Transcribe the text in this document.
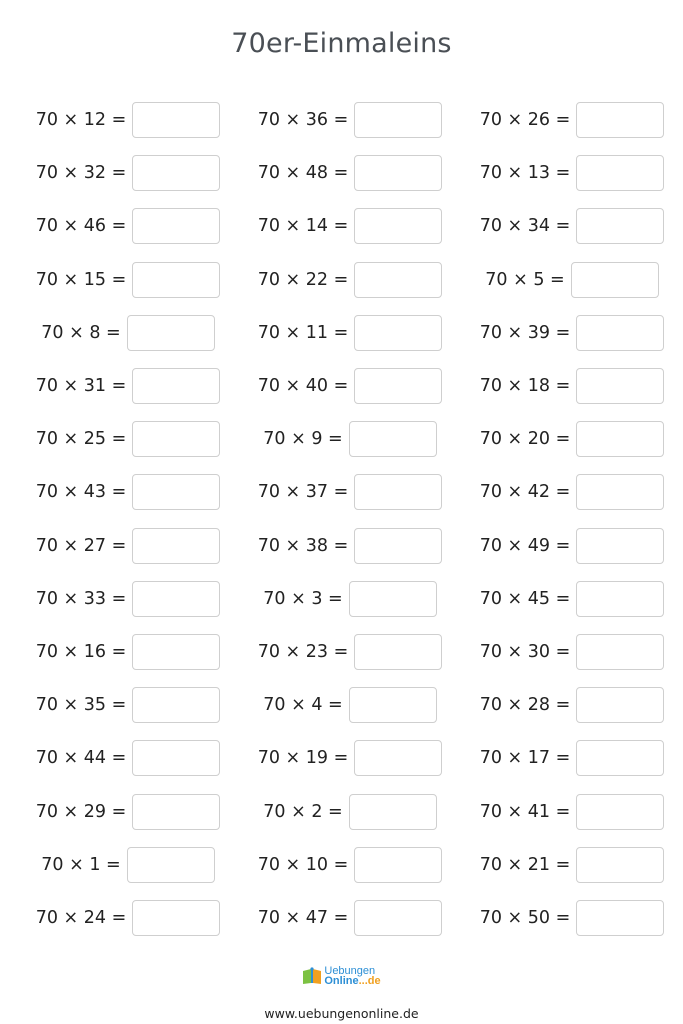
70er-Einmaleins
70 × 12 =	70 × 36 =	70 × 26 =
70 × 32 =	70 × 48 =	70 × 13 =
70 × 46 =	70 × 14 =	70 × 34 =
70 × 15 =	70 × 22 =	70 × 5 =
70 × 8 =	70 × 11 =	70 × 39 =
70 × 31 =	70 × 40 =	70 × 18 =
70 × 25 =	70 × 9 =	70 × 20 =
70 × 43 =	70 × 37 =	70 × 42 =
70 × 27 =	70 × 38 =	70 × 49 =
70 × 33 =	70 × 3 =	70 × 45 =
70 × 16 =	70 × 23 =	70 × 30 =
70 × 35 =	70 × 4 =	70 × 28 =
70 × 44 =	70 × 19 =	70 × 17 =
70 × 29 =	70 × 2 =	70 × 41 =
70 × 1 =	70 × 10 =	70 × 21 =
70 × 24 =	70 × 47 =	70 × 50 =
Uebungen
Online...de
www.uebungenonline.de
